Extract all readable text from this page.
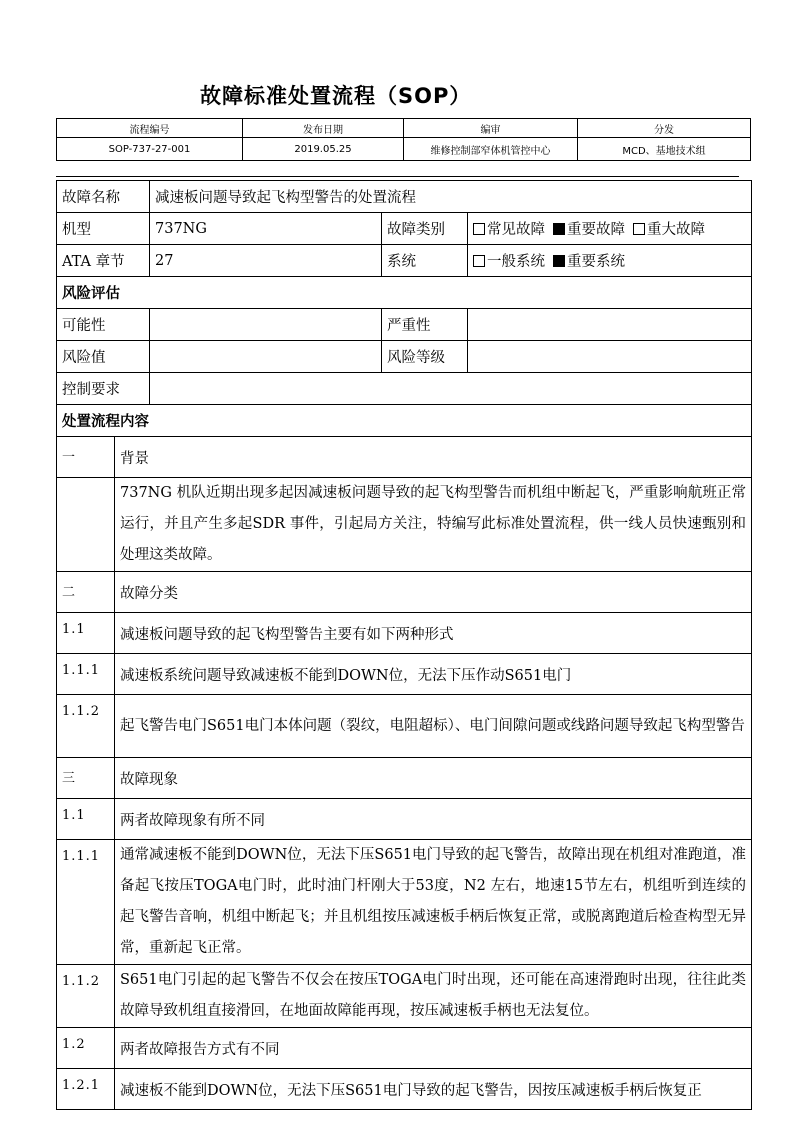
故障标准处置流程（SOP）
流程编号	发布日期	编审	分发
SOP-737-27-001	2019.05.25	维修控制部窄体机管控中心	MCD、基地技术组
故障名称		减速板问题导致起飞构型警告的处置流程		
机型		737NG	故障类别	常见故障 重要故障 重大故障
ATA 章节		27	系统	一般系统 重要系统
风险评估				
可能性			严重性	
风险值			风险等级	
控制要求				
处置流程内容				
一	背景			
	737NG 机队近期出现多起因减速板问题导致的起飞构型警告而机组中断起飞，严重影响航班正常运行，并且产生多起SDR 事件，引起局方关注，特编写此标准处置流程，供一线人员快速甄别和处理这类故障。			
二	故障分类			
1.1	减速板问题导致的起飞构型警告主要有如下两种形式			
1.1.1	减速板系统问题导致减速板不能到DOWN位，无法下压作动S651电门			
1.1.2	起飞警告电门S651电门本体问题（裂纹，电阻超标）、电门间隙问题或线路问题导致起飞构型警告			
三	故障现象			
1.1	两者故障现象有所不同			
1.1.1	通常减速板不能到DOWN位，无法下压S651电门导致的起飞警告，故障出现在机组对准跑道，准备起飞按压TOGA电门时，此时油门杆刚大于53度，N2 左右，地速15节左右，机组听到连续的起飞警告音响，机组中断起飞；并且机组按压减速板手柄后恢复正常，或脱离跑道后检查构型无异常，重新起飞正常。			
1.1.2	S651电门引起的起飞警告不仅会在按压TOGA电门时出现，还可能在高速滑跑时出现，往往此类故障导致机组直接滑回，在地面故障能再现，按压减速板手柄也无法复位。			
1.2	两者故障报告方式有不同			
1.2.1	减速板不能到DOWN位，无法下压S651电门导致的起飞警告，因按压减速板手柄后恢复正			
